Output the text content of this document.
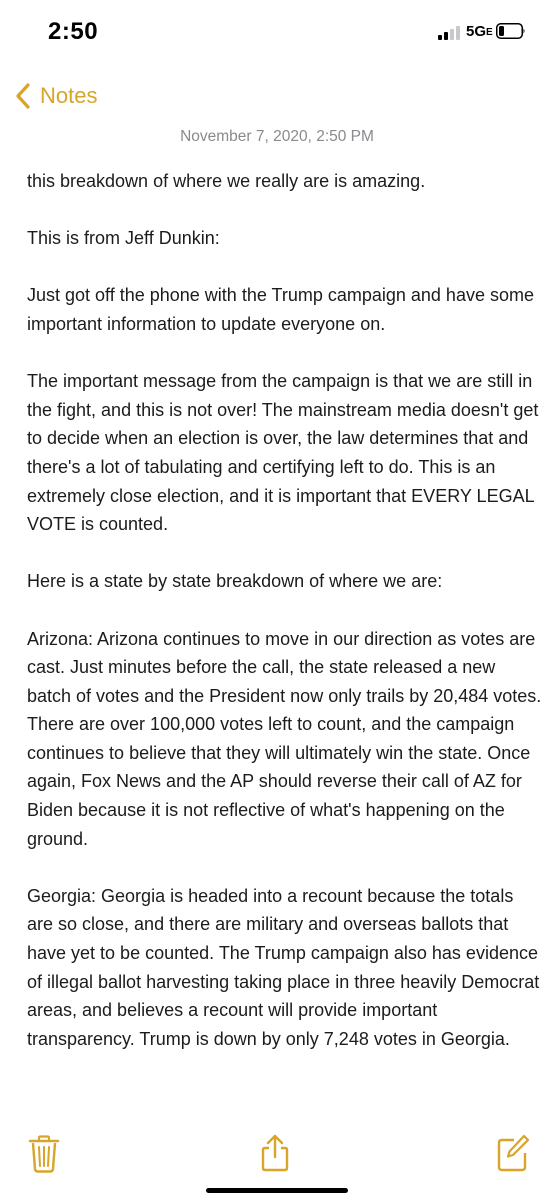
2:50	5GE
Notes
November 7, 2020, 2:50 PM

this breakdown of where we really are is amazing.

This is from Jeff Dunkin:

Just got off the phone with the Trump campaign and have some important information to update everyone on.

The important message from the campaign is that we are still in the fight, and this is not over! The mainstream media doesn't get to decide when an election is over, the law determines that and there's a lot of tabulating and certifying left to do. This is an extremely close election, and it is important that EVERY LEGAL VOTE is counted.

Here is a state by state breakdown of where we are:

Arizona: Arizona continues to move in our direction as votes are cast. Just minutes before the call, the state released a new batch of votes and the President now only trails by 20,484 votes. There are over 100,000 votes left to count, and the campaign continues to believe that they will ultimately win the state. Once again, Fox News and the AP should reverse their call of AZ for Biden because it is not reflective of what's happening on the ground.

Georgia: Georgia is headed into a recount because the totals are so close, and there are military and overseas ballots that have yet to be counted. The Trump campaign also has evidence of illegal ballot harvesting taking place in three heavily Democrat areas, and believes a recount will provide important transparency. Trump is down by only 7,248 votes in Georgia.
